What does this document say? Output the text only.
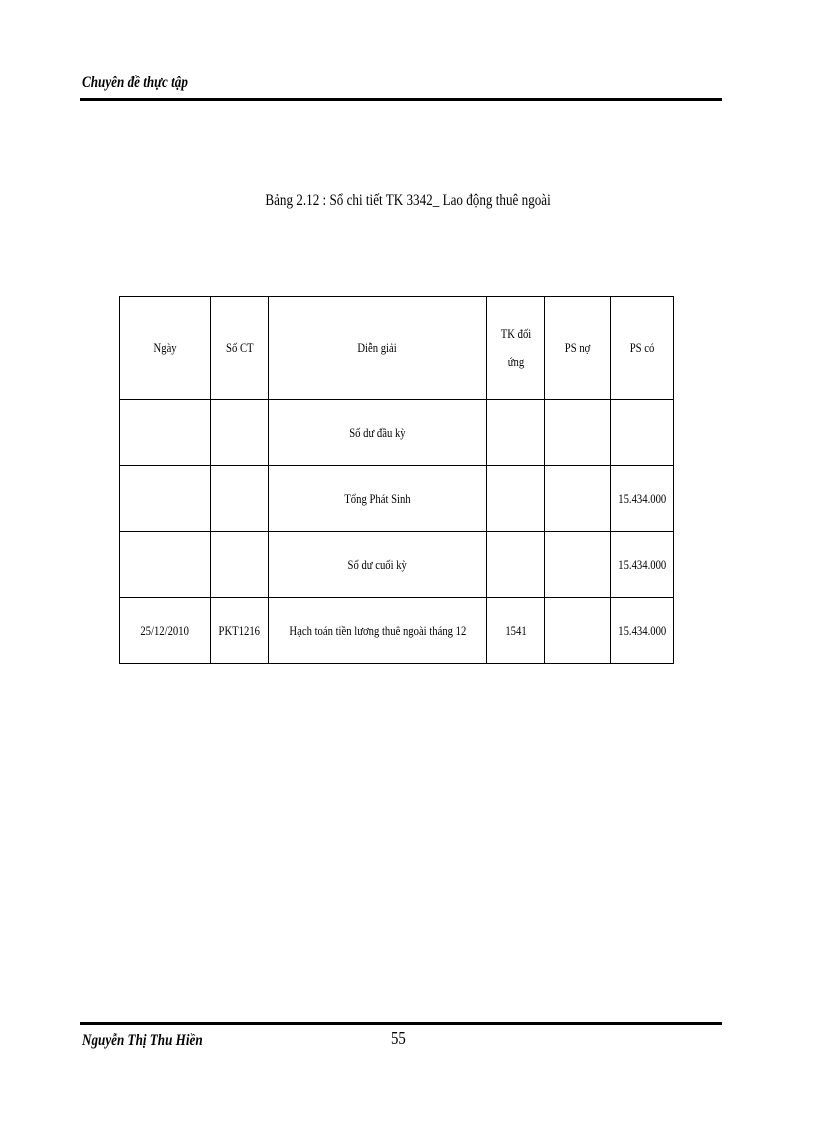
Chuyên đề thực tập
Bảng 2.12 : Sổ chi tiết TK 3342_ Lao động thuê ngoài
Ngày	Số CT	Diễn giải	TK đối ứng	PS nợ	PS có
		Số dư đầu kỳ			
		Tổng Phát Sinh			15.434.000
		Số dư cuối kỳ			15.434.000
25/12/2010	PKT1216	Hạch toán tiền lương thuê ngoài tháng 12	1541		15.434.000
Nguyễn Thị Thu Hiền	55
